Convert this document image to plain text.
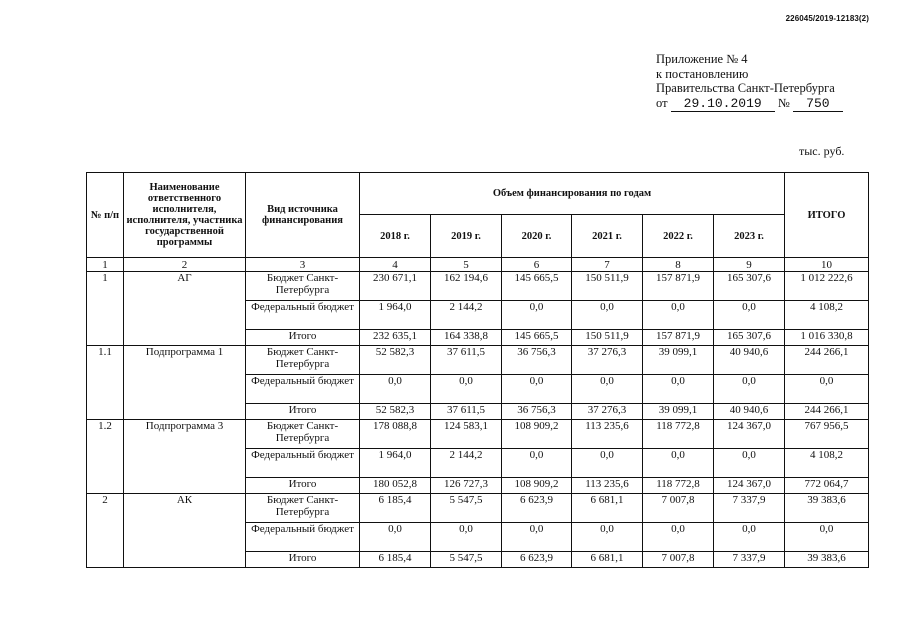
226045/2019-12183(2)
Приложение № 4
к постановлению
Правительства Санкт-Петербурга
от 29.10.2019 № 750
тыс. руб.
№ п/п	Наименование ответственного исполнителя, исполнителя, участника государственной программы	Вид источника финансирования	Объем финансирования по годам						ИТОГО
			2018 г.	2019 г.	2020 г.	2021 г.	2022 г.	2023 г.	
1	2	3	4	5	6	7	8	9	10
1	АГ	Бюджет Санкт-Петербурга	230 671,1	162 194,6	145 665,5	150 511,9	157 871,9	165 307,6	1 012 222,6
		Федеральный бюджет	1 964,0	2 144,2	0,0	0,0	0,0	0,0	4 108,2
		Итого	232 635,1	164 338,8	145 665,5	150 511,9	157 871,9	165 307,6	1 016 330,8
1.1	Подпрограмма 1	Бюджет Санкт-Петербурга	52 582,3	37 611,5	36 756,3	37 276,3	39 099,1	40 940,6	244 266,1
		Федеральный бюджет	0,0	0,0	0,0	0,0	0,0	0,0	0,0
		Итого	52 582,3	37 611,5	36 756,3	37 276,3	39 099,1	40 940,6	244 266,1
1.2	Подпрограмма 3	Бюджет Санкт-Петербурга	178 088,8	124 583,1	108 909,2	113 235,6	118 772,8	124 367,0	767 956,5
		Федеральный бюджет	1 964,0	2 144,2	0,0	0,0	0,0	0,0	4 108,2
		Итого	180 052,8	126 727,3	108 909,2	113 235,6	118 772,8	124 367,0	772 064,7
2	АК	Бюджет Санкт-Петербурга	6 185,4	5 547,5	6 623,9	6 681,1	7 007,8	7 337,9	39 383,6
		Федеральный бюджет	0,0	0,0	0,0	0,0	0,0	0,0	0,0
		Итого	6 185,4	5 547,5	6 623,9	6 681,1	7 007,8	7 337,9	39 383,6
